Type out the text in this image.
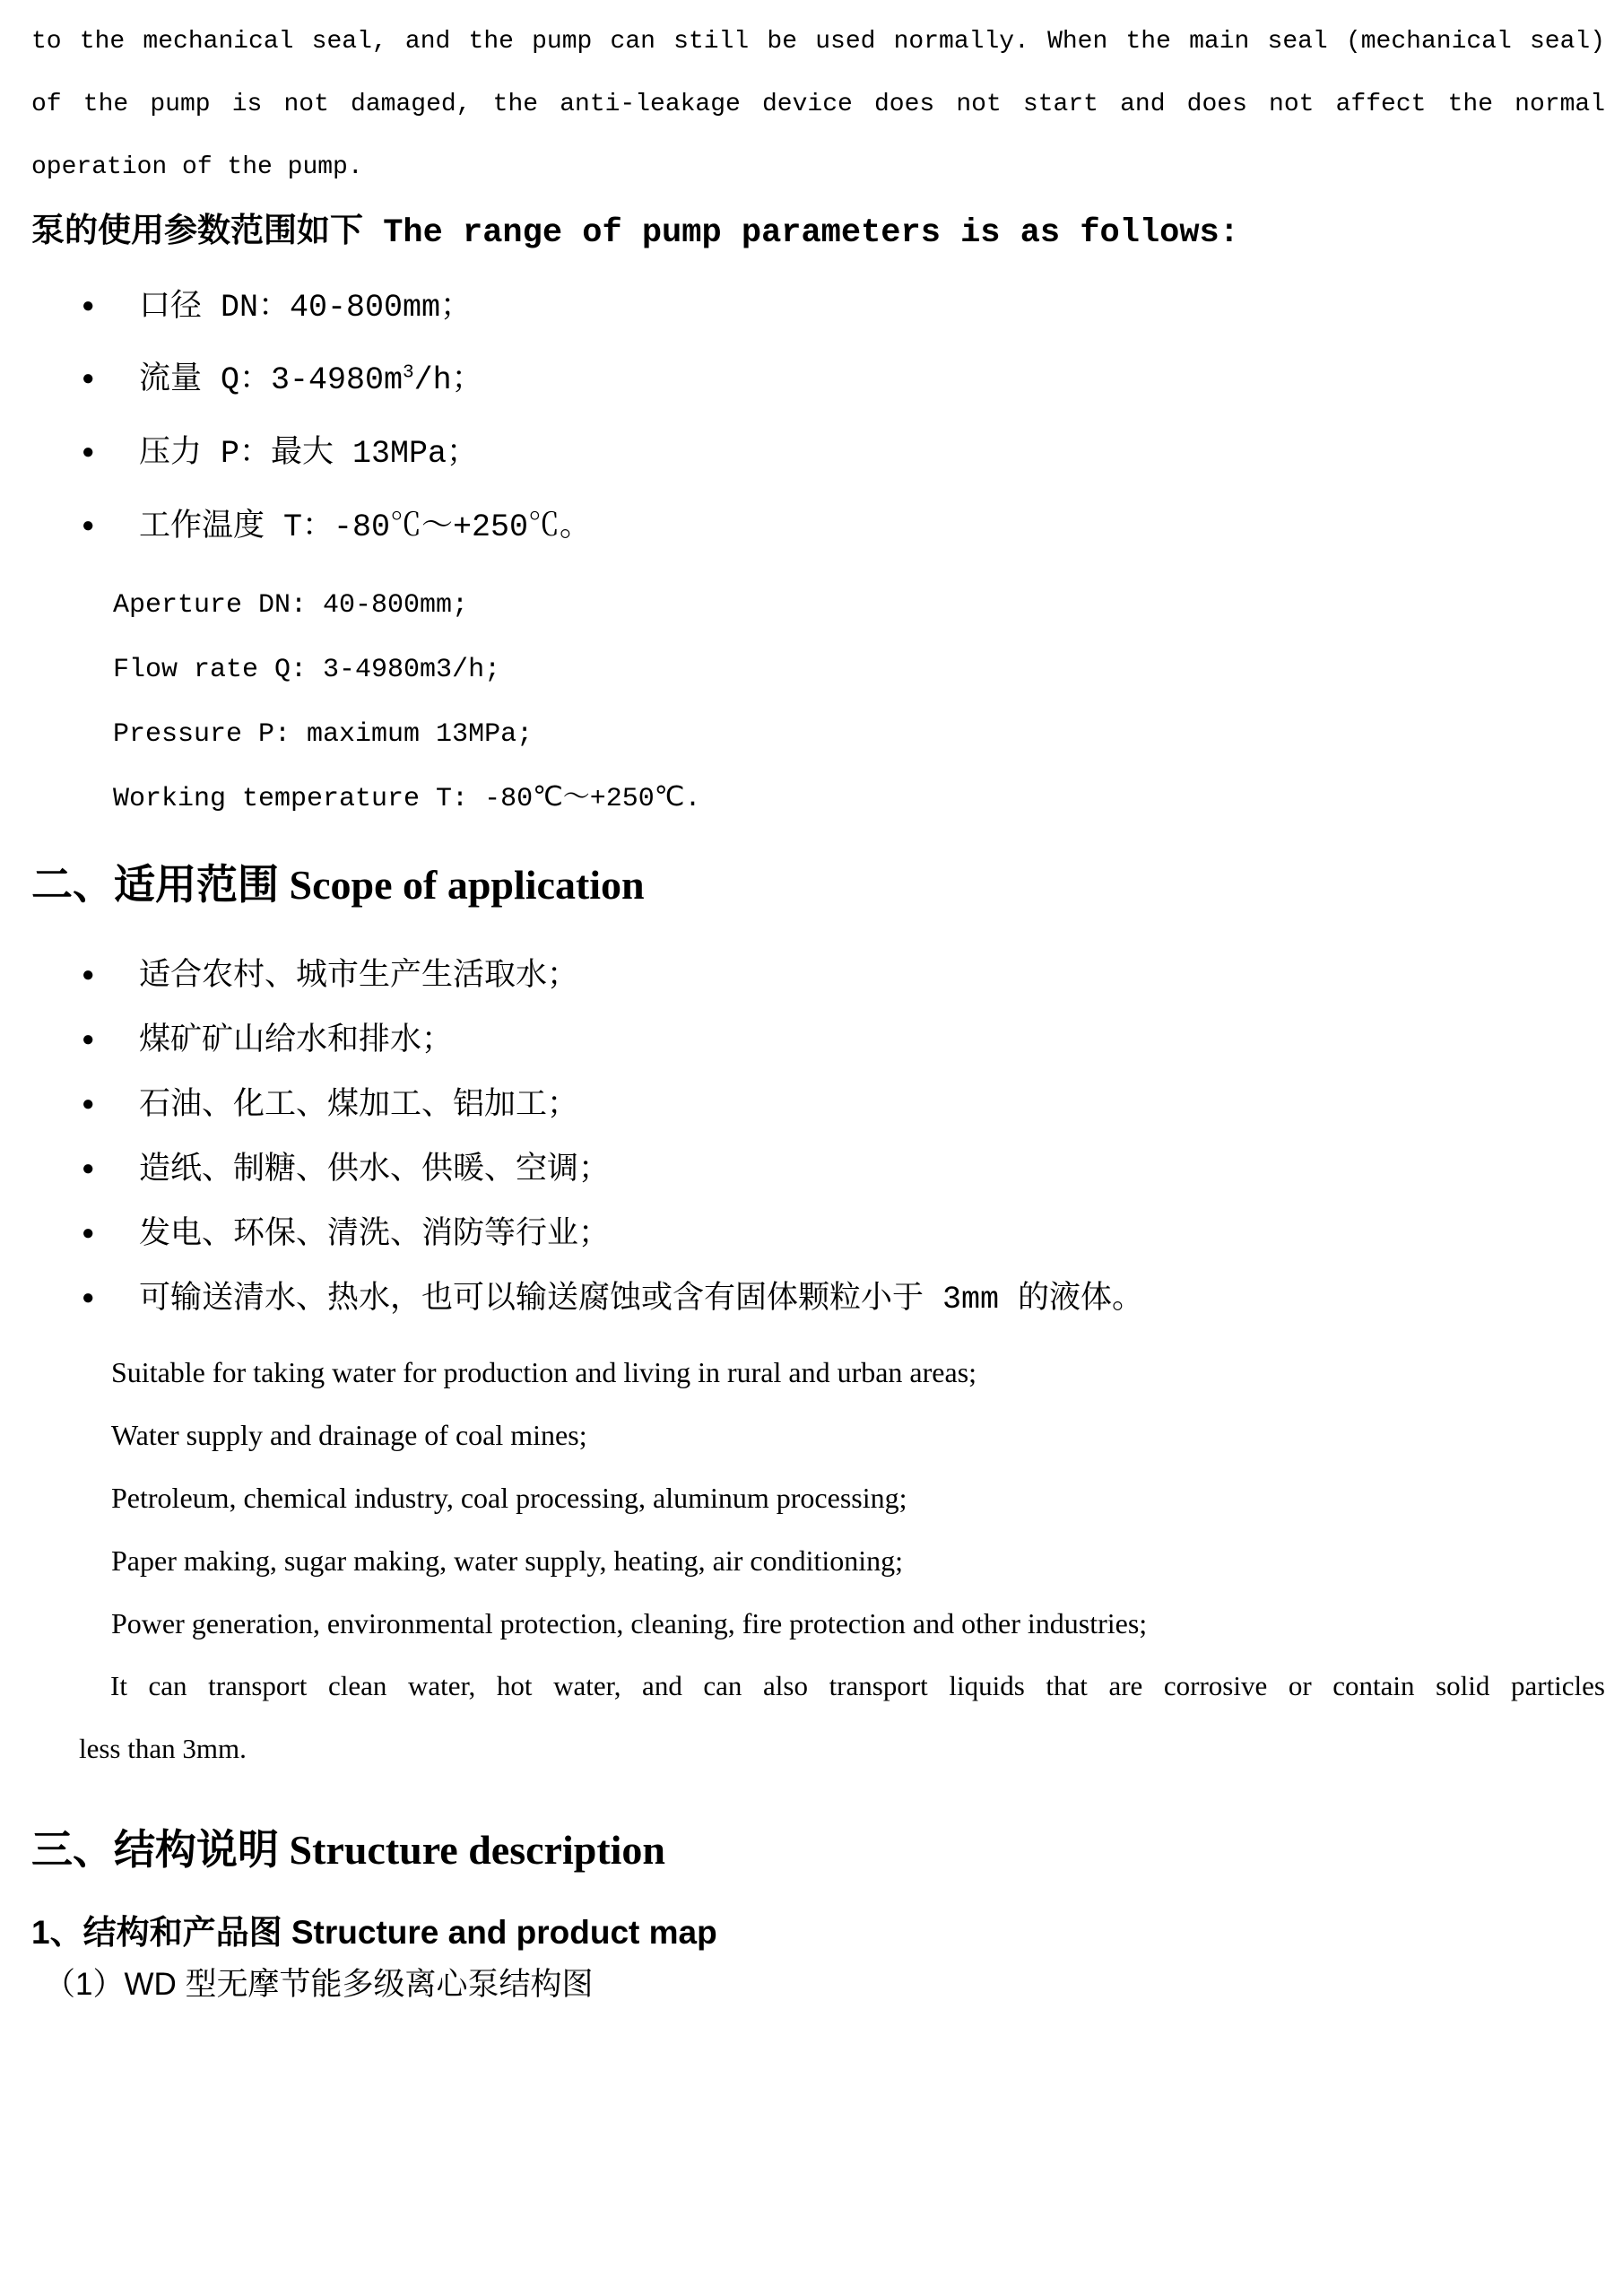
to the mechanical seal, and the pump can still be used normally. When the main seal (mechanical seal)
of the pump is not damaged, the anti-leakage device does not start and does not affect the normal
operation of the pump.
泵的使用参数范围如下 The range of pump parameters is as follows:
● 口径 DN：40-800mm；
● 流量 Q：$3-4980m^3/h$；
● 压力 P：最大 13MPa；
● 工作温度 T：-80℃～+250℃。
Aperture DN: 40-800mm;
Flow rate Q: 3-4980m3/h;
Pressure P: maximum 13MPa;
Working temperature T: -80℃～+250℃.
二、适用范围 Scope of application
● 适合农村、城市生产生活取水；
● 煤矿矿山给水和排水；
● 石油、化工、煤加工、铝加工；
● 造纸、制糖、供水、供暖、空调；
● 发电、环保、清洗、消防等行业；
● 可输送清水、热水，也可以输送腐蚀或含有固体颗粒小于 3mm 的液体。
Suitable for taking water for production and living in rural and urban areas;
Water supply and drainage of coal mines;
Petroleum, chemical industry, coal processing, aluminum processing;
Paper making, sugar making, water supply, heating, air conditioning;
Power generation, environmental protection, cleaning, fire protection and other industries;
It can transport clean water, hot water, and can also transport liquids that are corrosive or contain solid particles
less than 3mm.
三、结构说明 Structure description
1、结构和产品图 Structure and product map
（1）WD 型无摩节能多级离心泵结构图
